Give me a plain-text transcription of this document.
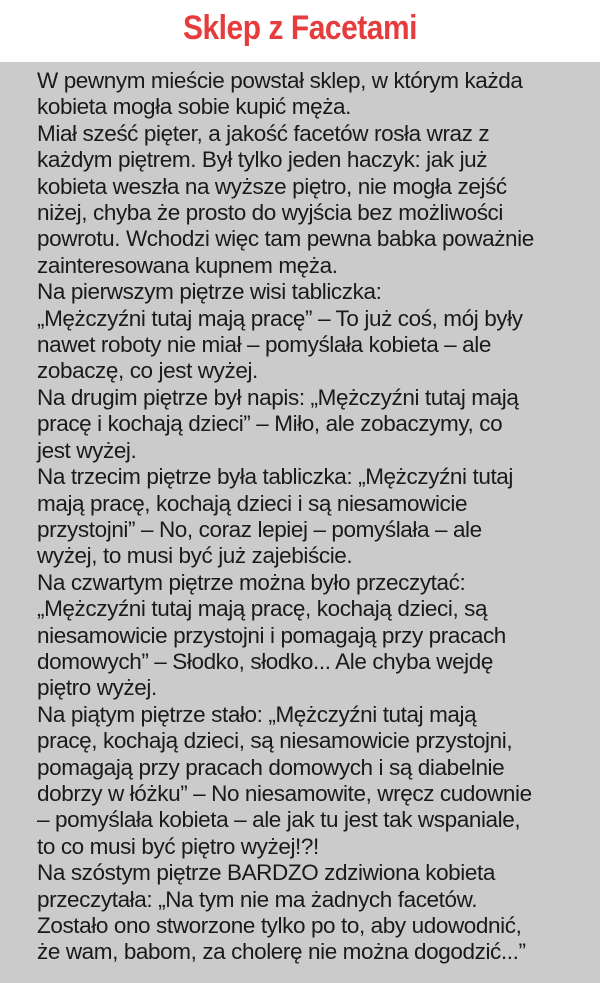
Sklep z Facetami
W pewnym mieście powstał sklep, w którym każda
kobieta mogła sobie kupić męża.
Miał sześć pięter, a jakość facetów rosła wraz z
każdym piętrem. Był tylko jeden haczyk: jak już
kobieta weszła na wyższe piętro, nie mogła zejść
niżej, chyba że prosto do wyjścia bez możliwości
powrotu. Wchodzi więc tam pewna babka poważnie
zainteresowana kupnem męża.
Na pierwszym piętrze wisi tabliczka:
„Mężczyźni tutaj mają pracę” – To już coś, mój były
nawet roboty nie miał – pomyślała kobieta – ale
zobaczę, co jest wyżej.
Na drugim piętrze był napis: „Mężczyźni tutaj mają
pracę i kochają dzieci” – Miło, ale zobaczymy, co
jest wyżej.
Na trzecim piętrze była tabliczka: „Mężczyźni tutaj
mają pracę, kochają dzieci i są niesamowicie
przystojni” – No, coraz lepiej – pomyślała – ale
wyżej, to musi być już zajebiście.
Na czwartym piętrze można było przeczytać:
„Mężczyźni tutaj mają pracę, kochają dzieci, są
niesamowicie przystojni i pomagają przy pracach
domowych” – Słodko, słodko... Ale chyba wejdę
piętro wyżej.
Na piątym piętrze stało: „Mężczyźni tutaj mają
pracę, kochają dzieci, są niesamowicie przystojni,
pomagają przy pracach domowych i są diabelnie
dobrzy w łóżku” – No niesamowite, wręcz cudownie
– pomyślała kobieta – ale jak tu jest tak wspaniale,
to co musi być piętro wyżej!?!
Na szóstym piętrze BARDZO zdziwiona kobieta
przeczytała: „Na tym nie ma żadnych facetów.
Zostało ono stworzone tylko po to, aby udowodnić,
że wam, babom, za cholerę nie można dogodzić...”
